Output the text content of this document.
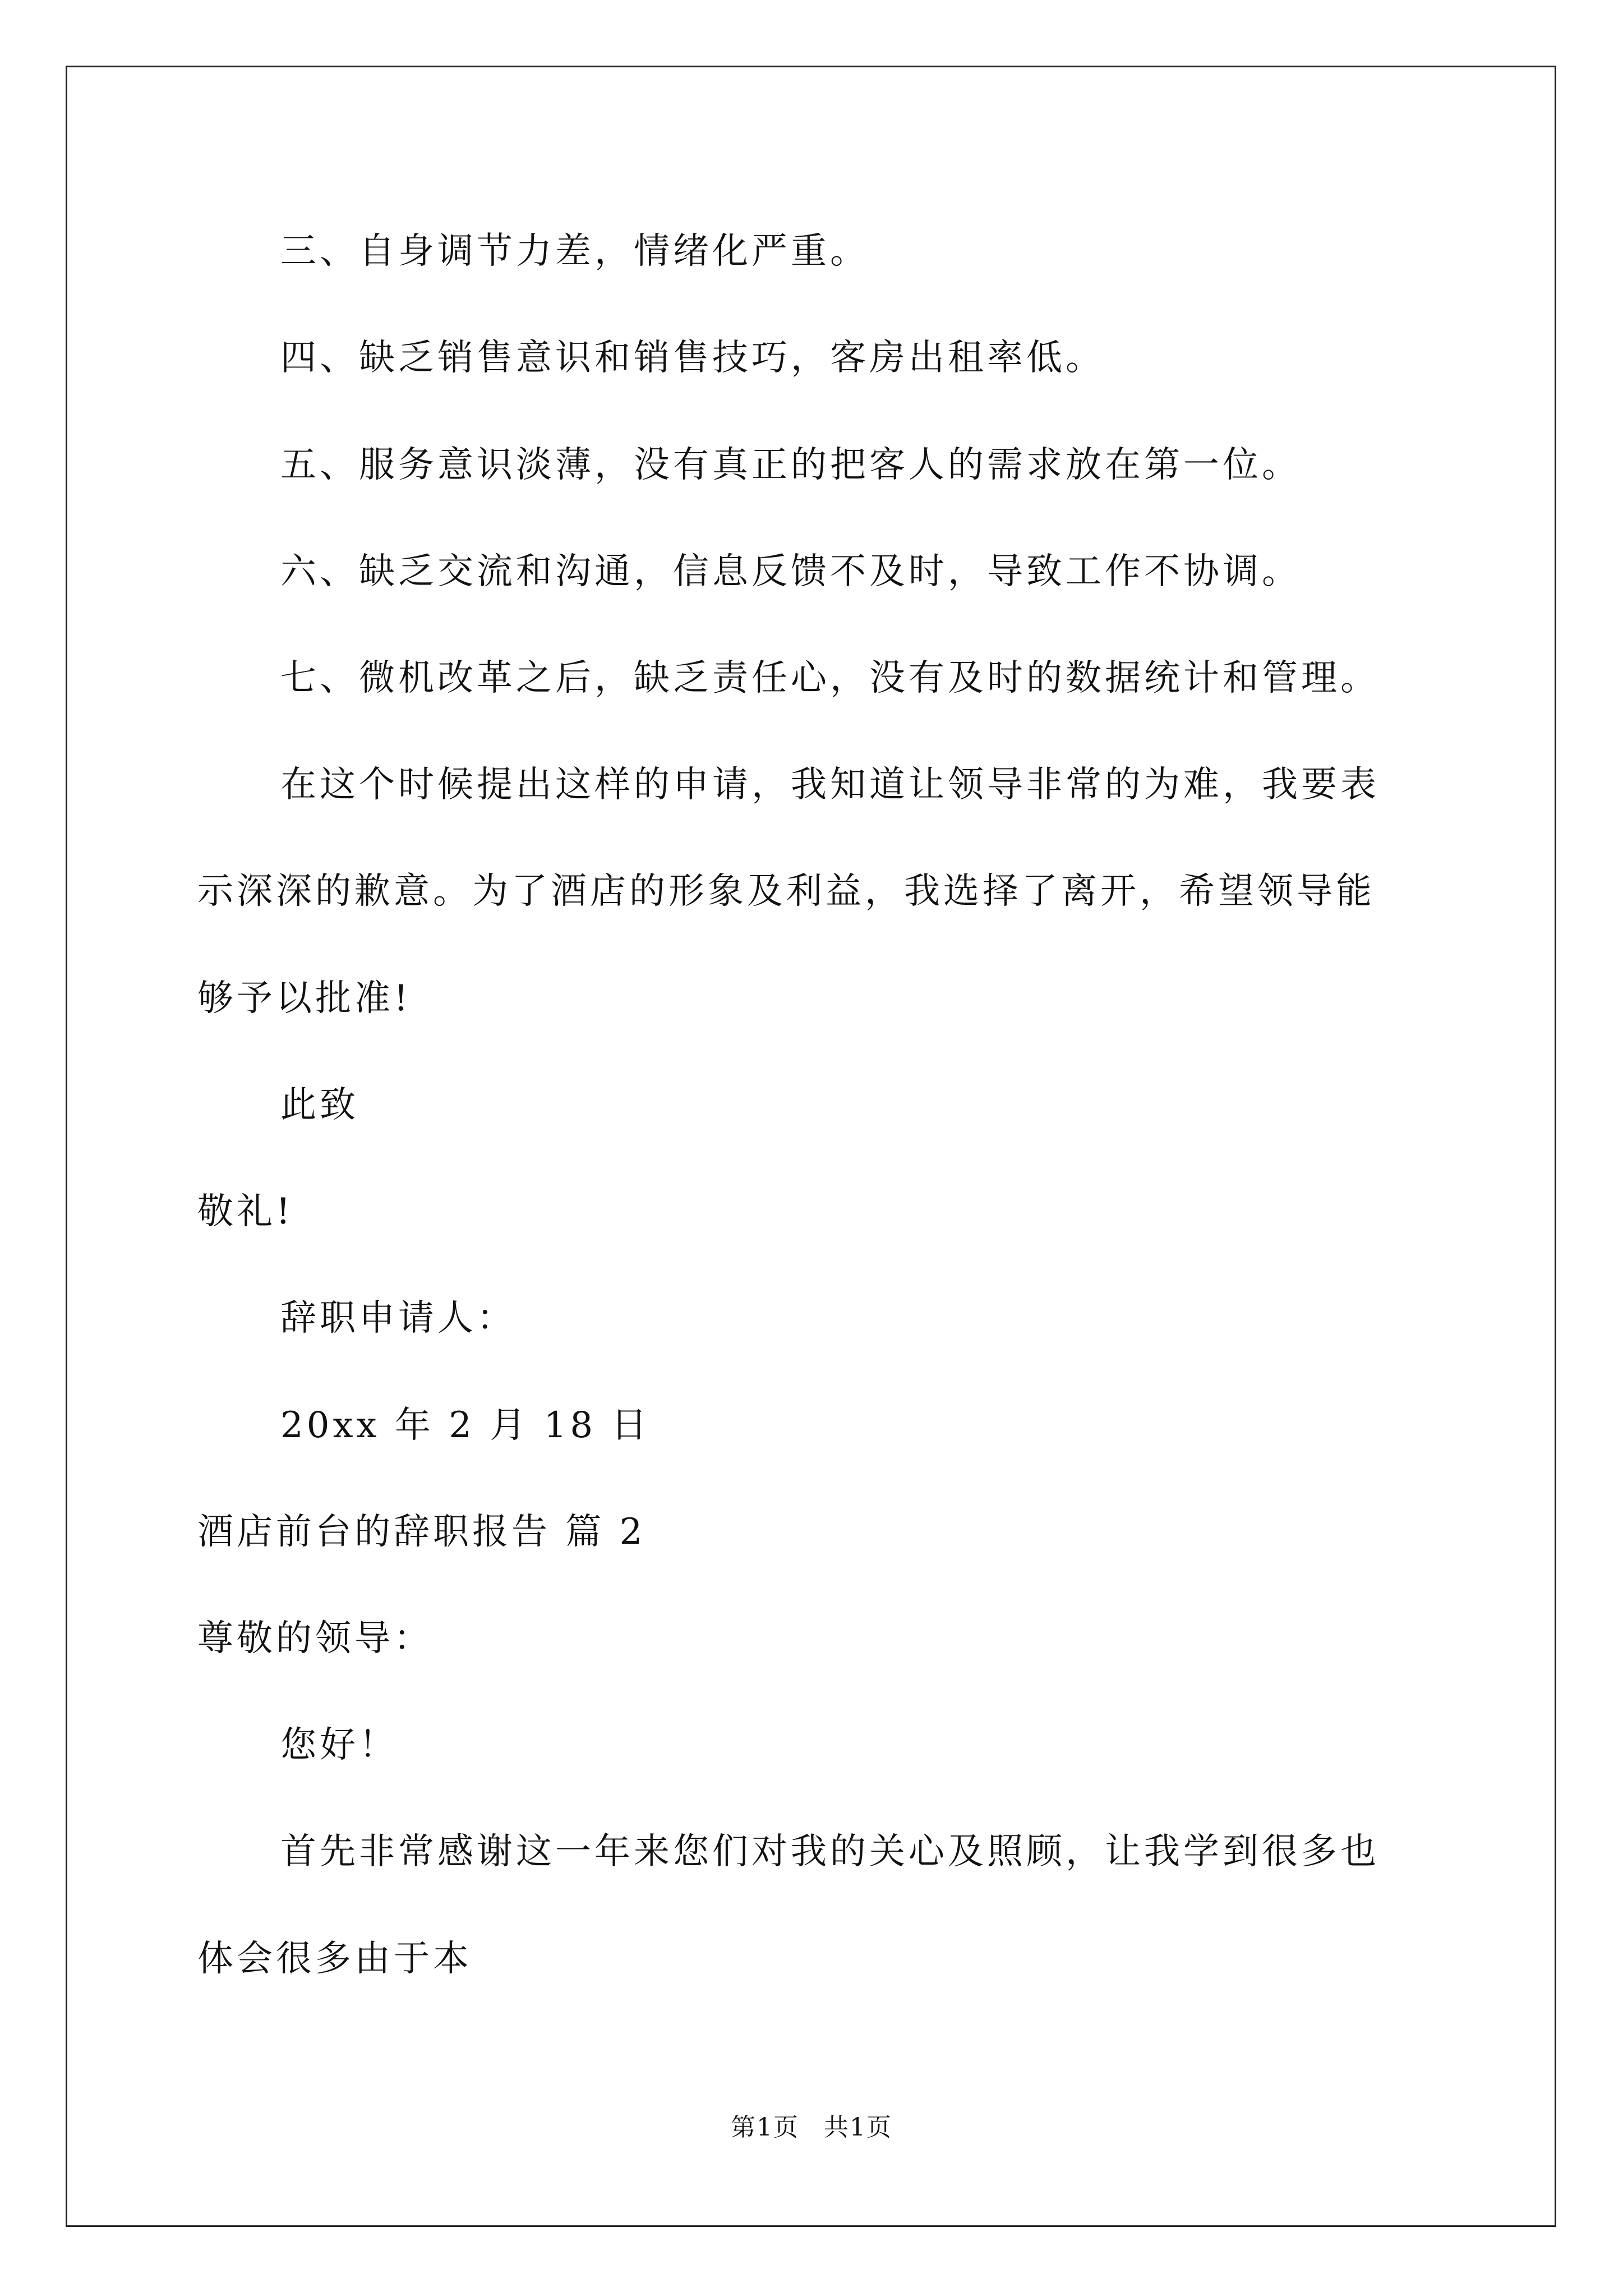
三、自身调节力差，情绪化严重。
四、缺乏销售意识和销售技巧，客房出租率低。
五、服务意识淡薄，没有真正的把客人的需求放在第一位。
六、缺乏交流和沟通，信息反馈不及时，导致工作不协调。
七、微机改革之后，缺乏责任心，没有及时的数据统计和管理。
在这个时候提出这样的申请，我知道让领导非常的为难，我要表
示深深的歉意。为了酒店的形象及利益，我选择了离开，希望领导能
够予以批准!
此致
敬礼!
辞职申请人：
20xx 年 2 月 18 日
酒店前台的辞职报告 篇 2
尊敬的领导：
您好！
首先非常感谢这一年来您们对我的关心及照顾，让我学到很多也
体会很多由于本
第1页 共1页
